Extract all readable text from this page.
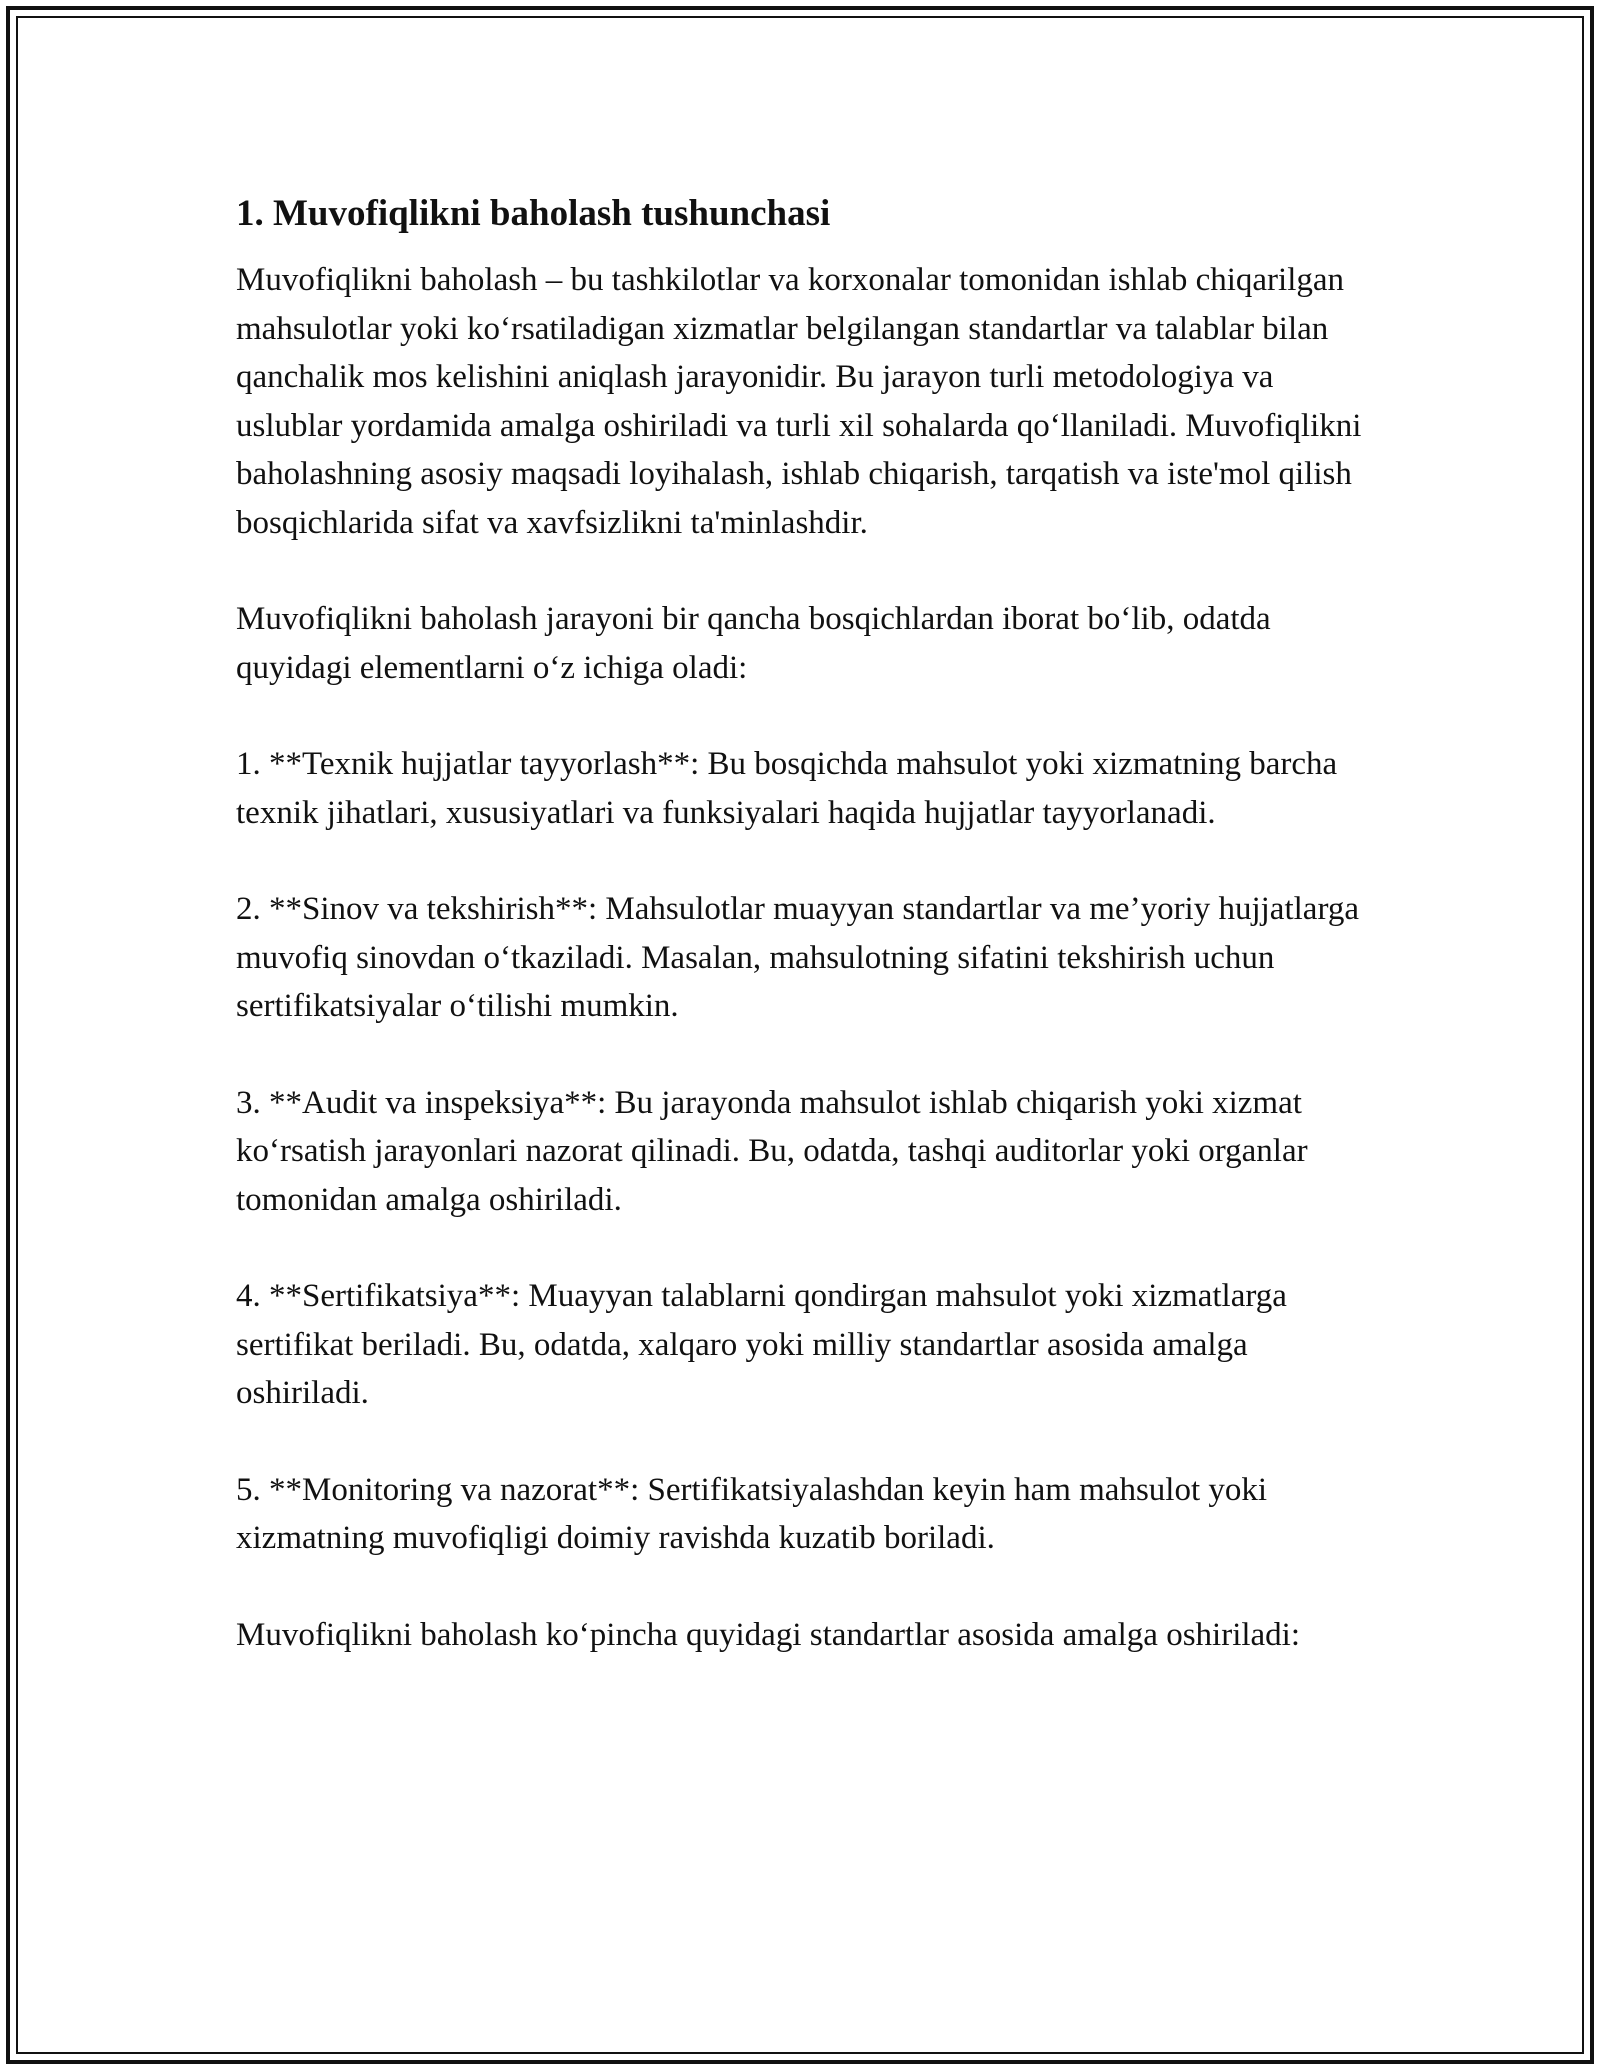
1. Muvofiqlikni baholash tushunchasi

Muvofiqlikni baholash – bu tashkilotlar va korxonalar tomonidan ishlab chiqarilgan mahsulotlar yoki ko‘rsatiladigan xizmatlar belgilangan standartlar va talablar bilan qanchalik mos kelishini aniqlash jarayonidir. Bu jarayon turli metodologiya va uslublar yordamida amalga oshiriladi va turli xil sohalarda qo‘llaniladi. Muvofiqlikni baholashning asosiy maqsadi loyihalash, ishlab chiqarish, tarqatish va iste'mol qilish bosqichlarida sifat va xavfsizlikni ta'minlashdir.

Muvofiqlikni baholash jarayoni bir qancha bosqichlardan iborat bo‘lib, odatda quyidagi elementlarni o‘z ichiga oladi:

1. **Texnik hujjatlar tayyorlash**: Bu bosqichda mahsulot yoki xizmatning barcha texnik jihatlari, xususiyatlari va funksiyalari haqida hujjatlar tayyorlanadi.

2. **Sinov va tekshirish**: Mahsulotlar muayyan standartlar va me’yoriy hujjatlarga muvofiq sinovdan o‘tkaziladi. Masalan, mahsulotning sifatini tekshirish uchun sertifikatsiyalar o‘tilishi mumkin.

3. **Audit va inspeksiya**: Bu jarayonda mahsulot ishlab chiqarish yoki xizmat ko‘rsatish jarayonlari nazorat qilinadi. Bu, odatda, tashqi auditorlar yoki organlar tomonidan amalga oshiriladi.

4. **Sertifikatsiya**: Muayyan talablarni qondirgan mahsulot yoki xizmatlarga sertifikat beriladi. Bu, odatda, xalqaro yoki milliy standartlar asosida amalga oshiriladi.

5. **Monitoring va nazorat**: Sertifikatsiyalashdan keyin ham mahsulot yoki xizmatning muvofiqligi doimiy ravishda kuzatib boriladi.

Muvofiqlikni baholash ko‘pincha quyidagi standartlar asosida amalga oshiriladi:
